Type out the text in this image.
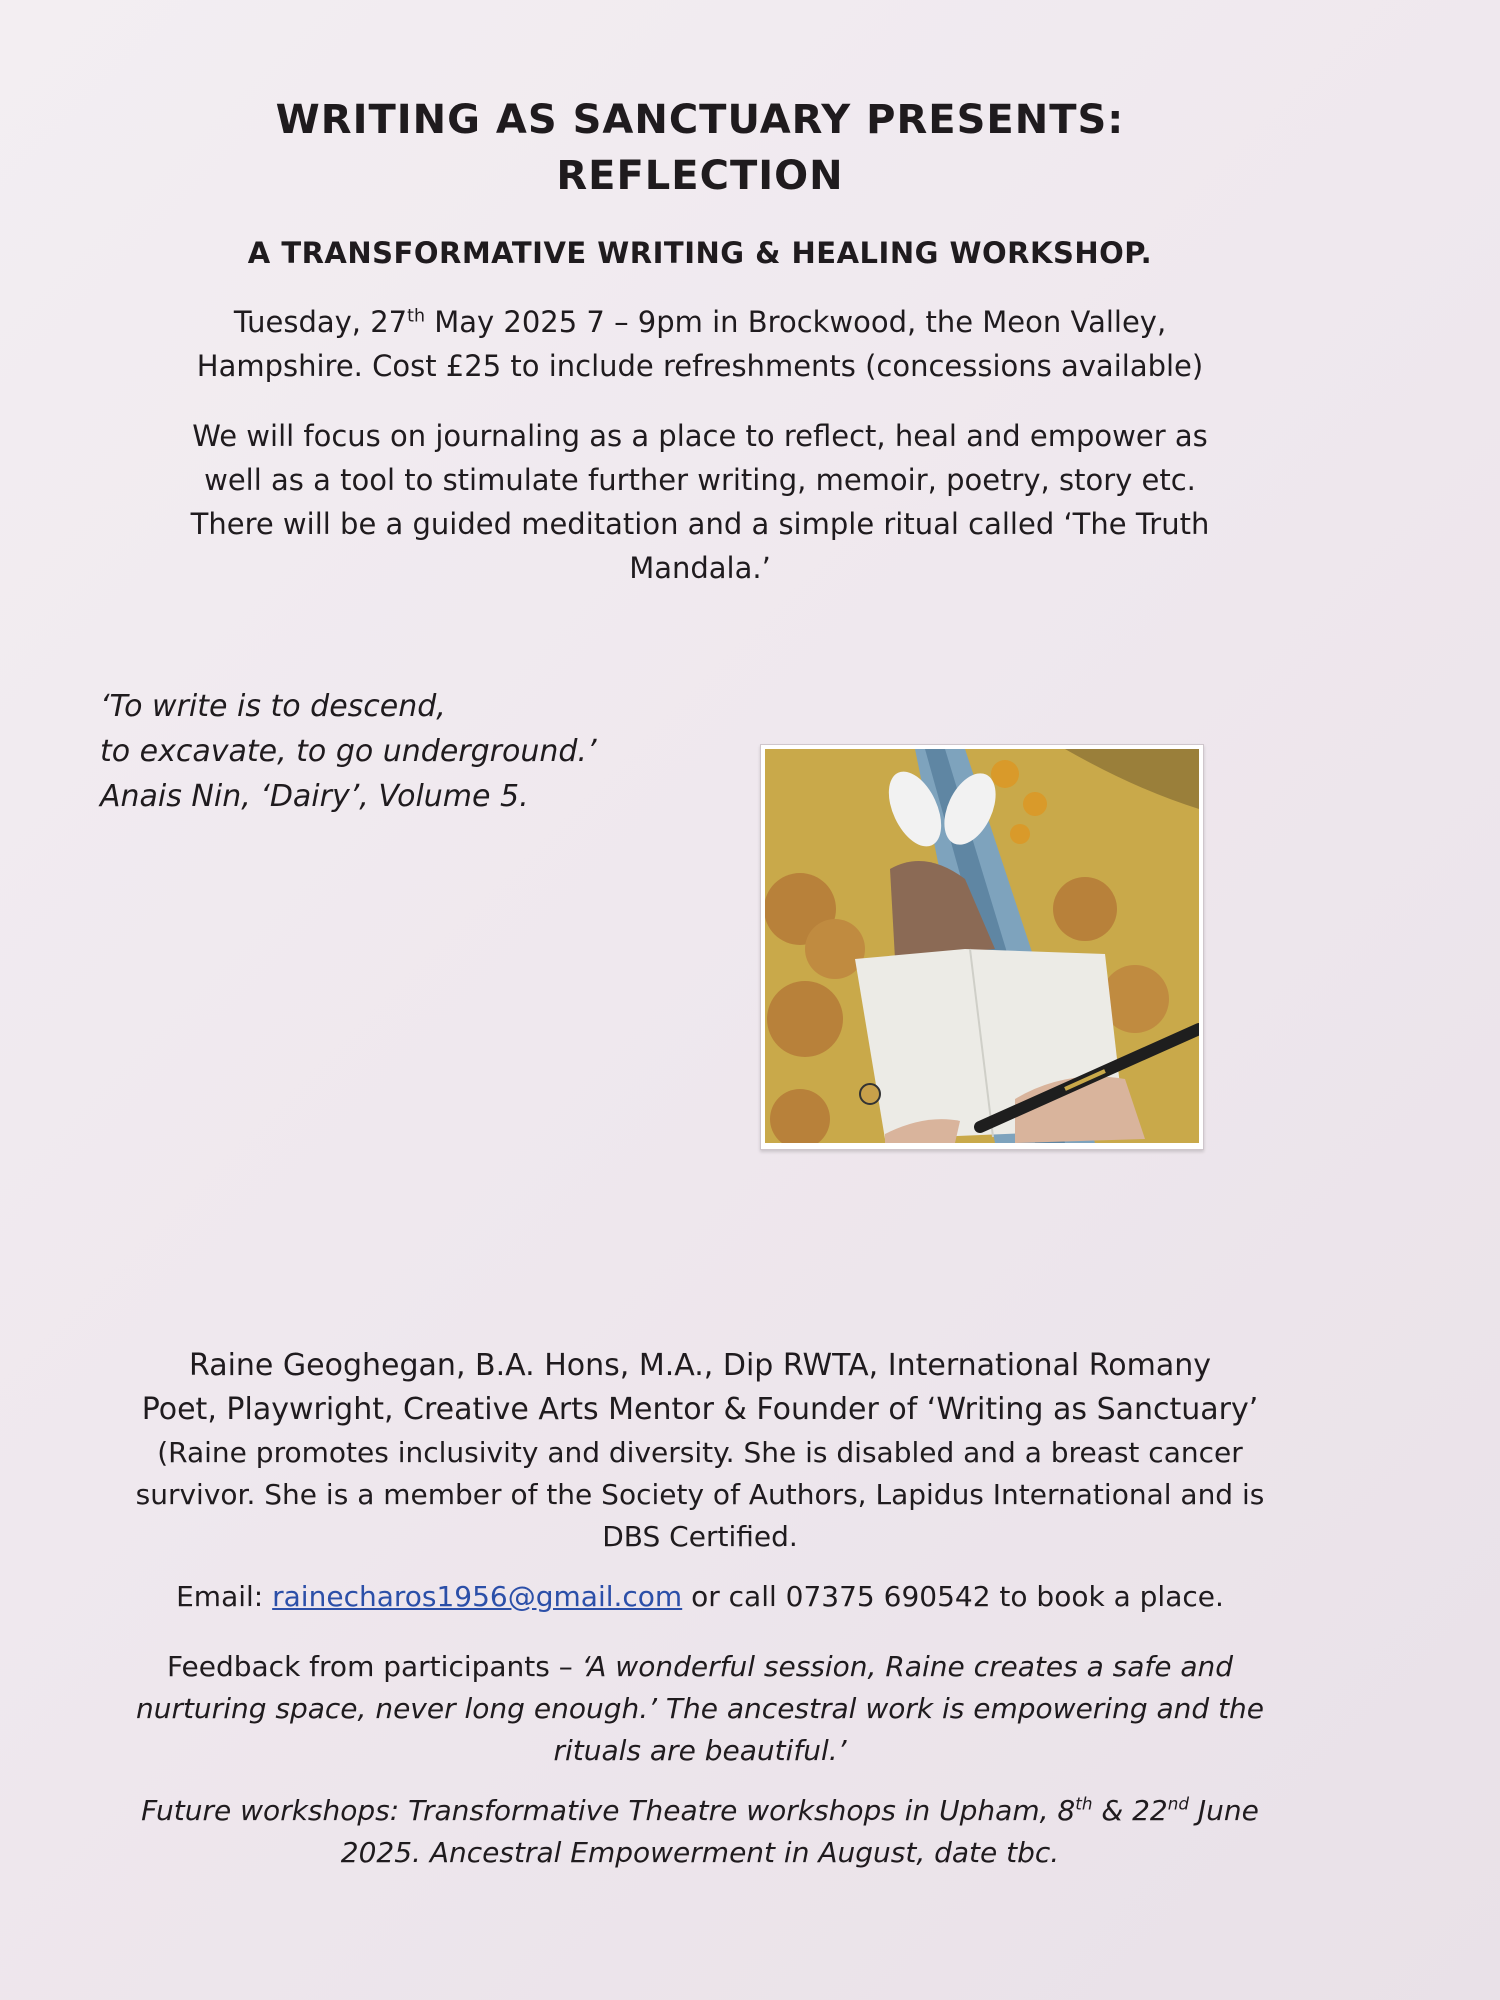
WRITING AS SANCTUARY PRESENTS:
REFLECTION
A TRANSFORMATIVE WRITING & HEALING WORKSHOP.
Tuesday, 27th May 2025 7 – 9pm in Brockwood, the Meon Valley,
Hampshire. Cost £25 to include refreshments (concessions available)
We will focus on journaling as a place to reflect, heal and empower as
well as a tool to stimulate further writing, memoir, poetry, story etc.
There will be a guided meditation and a simple ritual called ‘The Truth
Mandala.’
‘To write is to descend,
to excavate, to go underground.’
Anais Nin, ‘Dairy’, Volume 5.
Raine Geoghegan, B.A. Hons, M.A., Dip RWTA, International Romany
Poet, Playwright, Creative Arts Mentor & Founder of ‘Writing as Sanctuary’
(Raine promotes inclusivity and diversity. She is disabled and a breast cancer
survivor. She is a member of the Society of Authors, Lapidus International and is
DBS Certified.
Email: rainecharos1956@gmail.com or call 07375 690542 to book a place.
Feedback from participants – ‘A wonderful session, Raine creates a safe and
nurturing space, never long enough.’ The ancestral work is empowering and the
rituals are beautiful.’
Future workshops: Transformative Theatre workshops in Upham, 8th & 22nd June
2025. Ancestral Empowerment in August, date tbc.
